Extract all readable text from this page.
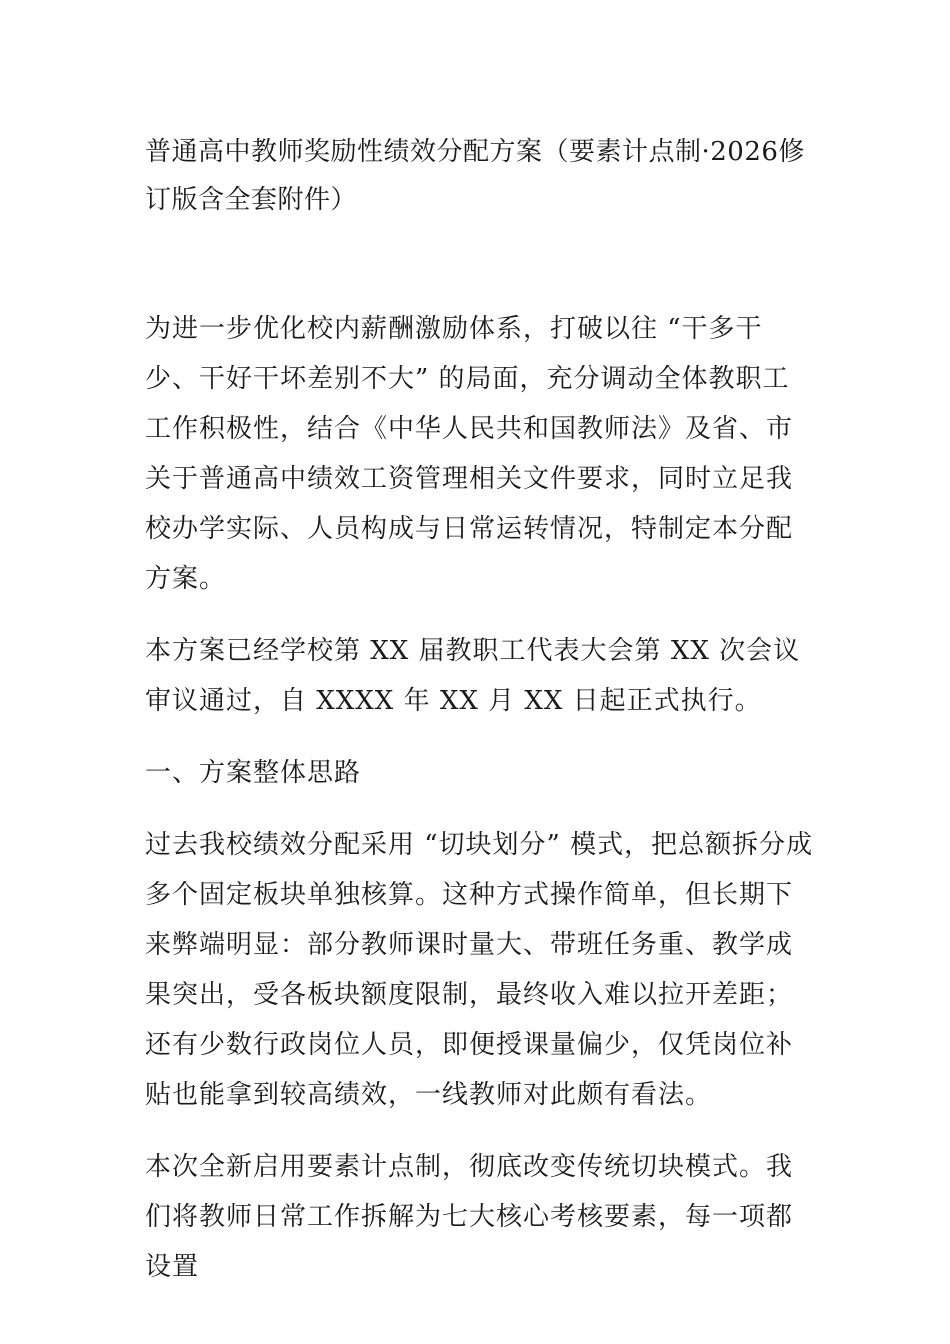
普通高中教师奖励性绩效分配方案（要素计点制·2026修订版含全套附件）

为进一步优化校内薪酬激励体系，打破以往 “干多干少、干好干坏差别不大” 的局面，充分调动全体教职工工作积极性，结合《中华人民共和国教师法》及省、市关于普通高中绩效工资管理相关文件要求，同时立足我校办学实际、人员构成与日常运转情况，特制定本分配方案。

本方案已经学校第 XX 届教职工代表大会第 XX 次会议审议通过，自 XXXX 年 XX 月 XX 日起正式执行。

一、方案整体思路

过去我校绩效分配采用 “切块划分” 模式，把总额拆分成多个固定板块单独核算。这种方式操作简单，但长期下来弊端明显：部分教师课时量大、带班任务重、教学成果突出，受各板块额度限制，最终收入难以拉开差距；还有少数行政岗位人员，即便授课量偏少，仅凭岗位补贴也能拿到较高绩效，一线教师对此颇有看法。

本次全新启用要素计点制，彻底改变传统切块模式。我们将教师日常工作拆解为七大核心考核要素，每一项都设置
